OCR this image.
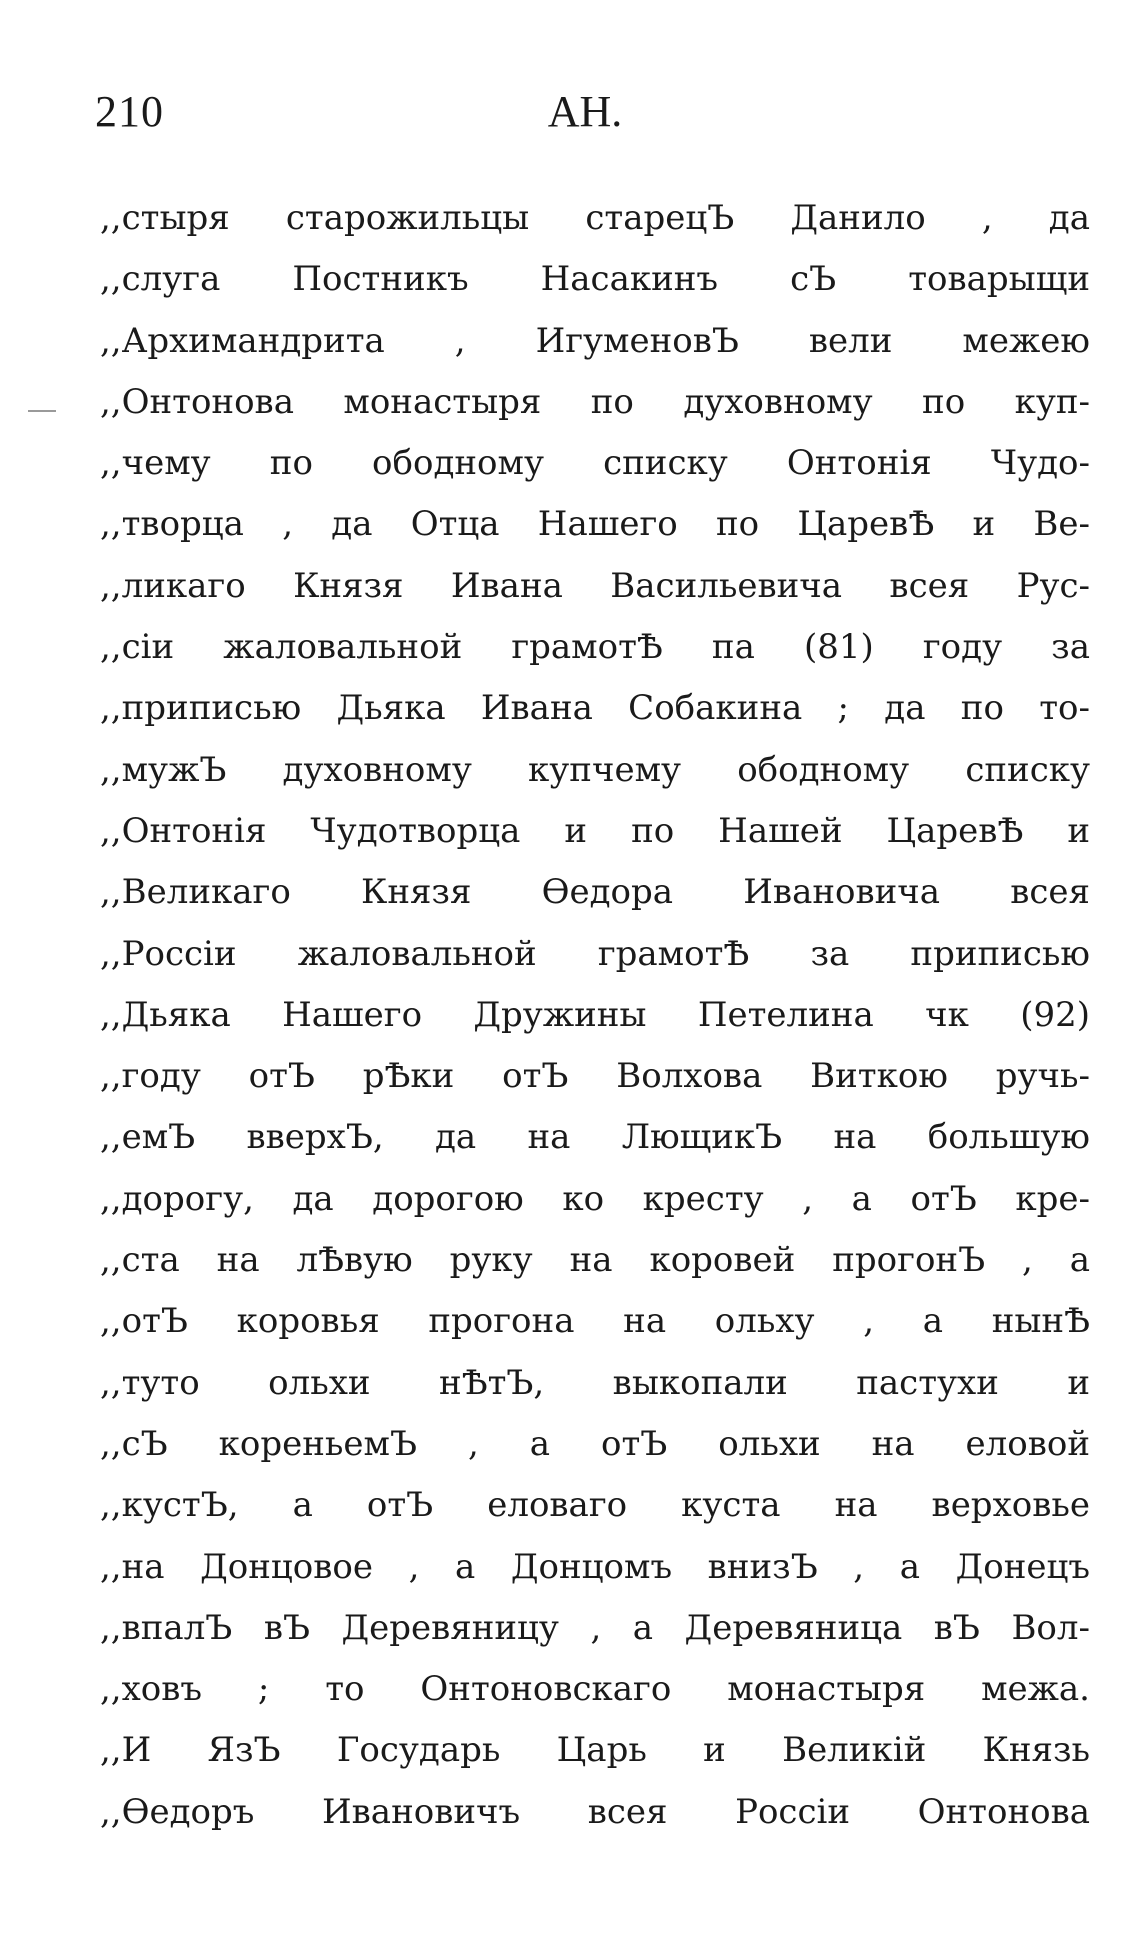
210	АН.
,,стыря старожильцы старецЪ Данило , да
,,слуга Постникъ Насакинъ сЪ товарыщи
,,Архимандрита , ИгуменовЪ вели межею
,,Онтонова монастыря по духовному по куп-
,,чему по ободному списку Онтонія Чудо-
,,творца , да Отца Нашего по ЦаревѢ и Ве-
,,ликаго Князя Ивана Васильевича всея Рус-
,,сіи жаловальной грамотѢ па (81) году за
,,приписью Дьяка Ивана Собакина ; да по то-
,,мужЪ духовному купчему ободному списку
,,Онтонія Чудотворца и по Нашей ЦаревѢ и
,,Великаго Князя Өедора Ивановича всея
,,Россіи жаловальной грамотѢ за приписью
,,Дьяка Нашего Дружины Петелина чк (92)
,,году отЪ рѢки отЪ Волхова Виткою ручь-
,,емЪ вверхЪ, да на ЛющикЪ на большую
,,дорогу, да дорогою ко кресту , а отЪ кре-
,,ста на лѢвую руку на коровей прогонЪ , а
,,отЪ коровья прогона на ольху , а нынѢ
,,тутo ольхи нѢтЪ, выкопали пастухи и
,,сЪ кореньемЪ , а отЪ ольхи на еловой
,,кустЪ, а отЪ еловаго куста на верховье
,,на Донцовое , а Донцомъ внизЪ , а Донецъ
,,впалЪ вЪ Деревяницу , а Деревяница вЪ Вол-
,,ховъ ; то Онтоновскаго монастыря межа.
,,И ЯзЪ Государь Царь и Великій Князь
,,Өедоръ Ивановичъ всея Россіи Онтонова
